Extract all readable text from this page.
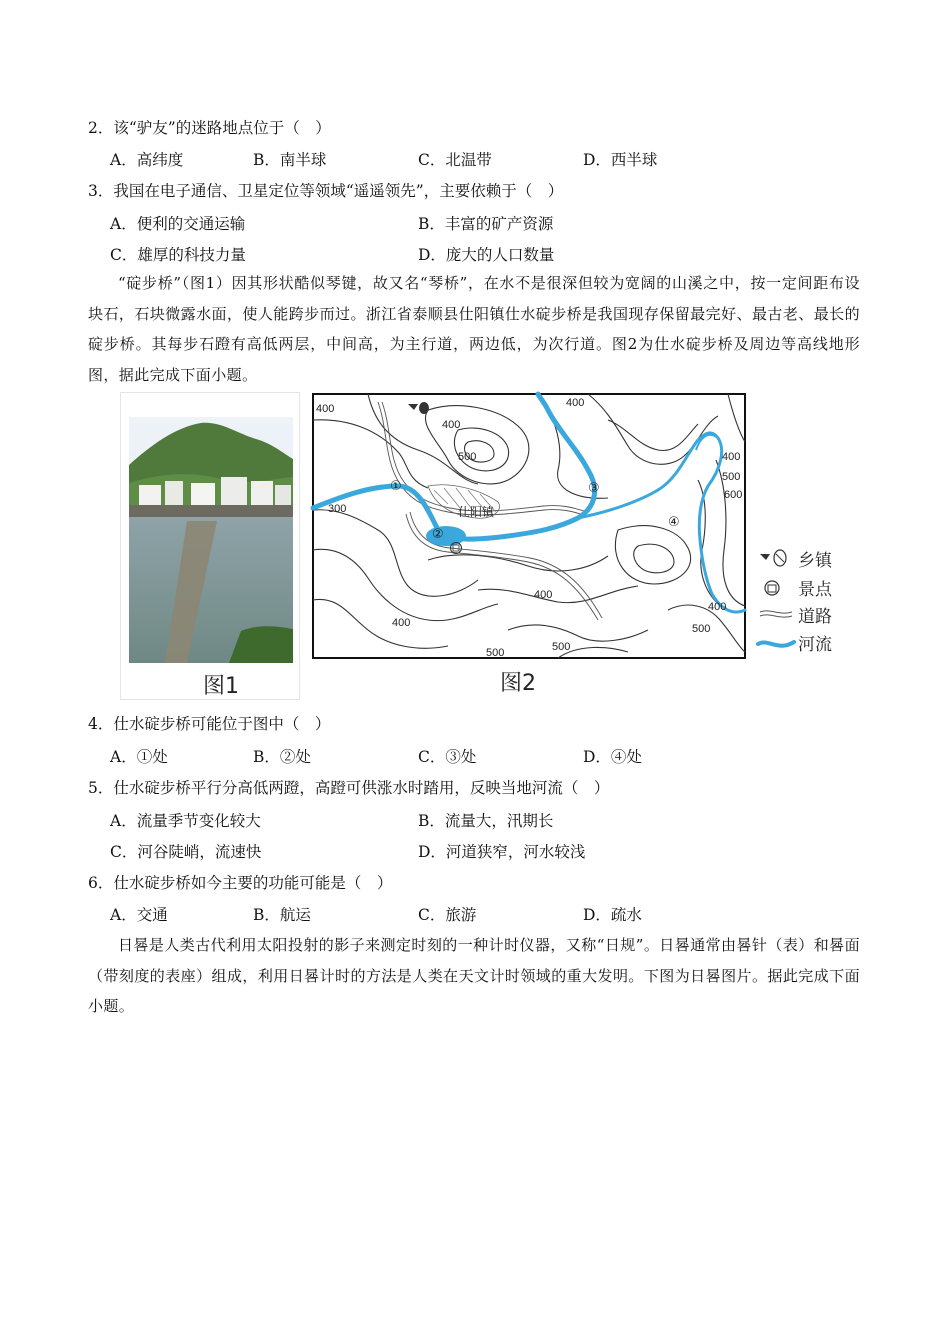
2．该“驴友”的迷路地点位于（　）
A．高纬度	B．南半球	C．北温带	D．西半球
3．我国在电子通信、卫星定位等领域“遥遥领先”，主要依赖于（　）
A．便利的交通运输	B．丰富的矿产资源
C．雄厚的科技力量	D．庞大的人口数量
“碇步桥”（图1）因其形状酷似琴键，故又名“琴桥”，在水不是很深但较为宽阔的山溪之中，按一定间距布设块石，石块微露水面，使人能跨步而过。浙江省泰顺县仕阳镇仕水碇步桥是我国现存保留最完好、最古老、最长的碇步桥。其每步石蹬有高低两层，中间高，为主行道，两边低，为次行道。图2为仕水碇步桥及周边等高线地形图，据此完成下面小题。
图1
400	400
400
500
300
400
500
600
400
400
400
500
500	500
仕阳镇
①
②
③
④
乡镇
景点
道路
河流
图2
4．仕水碇步桥可能位于图中（　）
A．①处	B．②处	C．③处	D．④处
5．仕水碇步桥平行分高低两蹬，高蹬可供涨水时踏用，反映当地河流（　）
A．流量季节变化较大	B．流量大，汛期长
C．河谷陡峭，流速快	D．河道狭窄，河水较浅
6．仕水碇步桥如今主要的功能可能是（　）
A．交通	B．航运	C．旅游	D．疏水
日晷是人类古代利用太阳投射的影子来测定时刻的一种计时仪器，又称“日规”。日晷通常由晷针（表）和晷面（带刻度的表座）组成，利用日晷计时的方法是人类在天文计时领域的重大发明。下图为日晷图片。据此完成下面小题。
